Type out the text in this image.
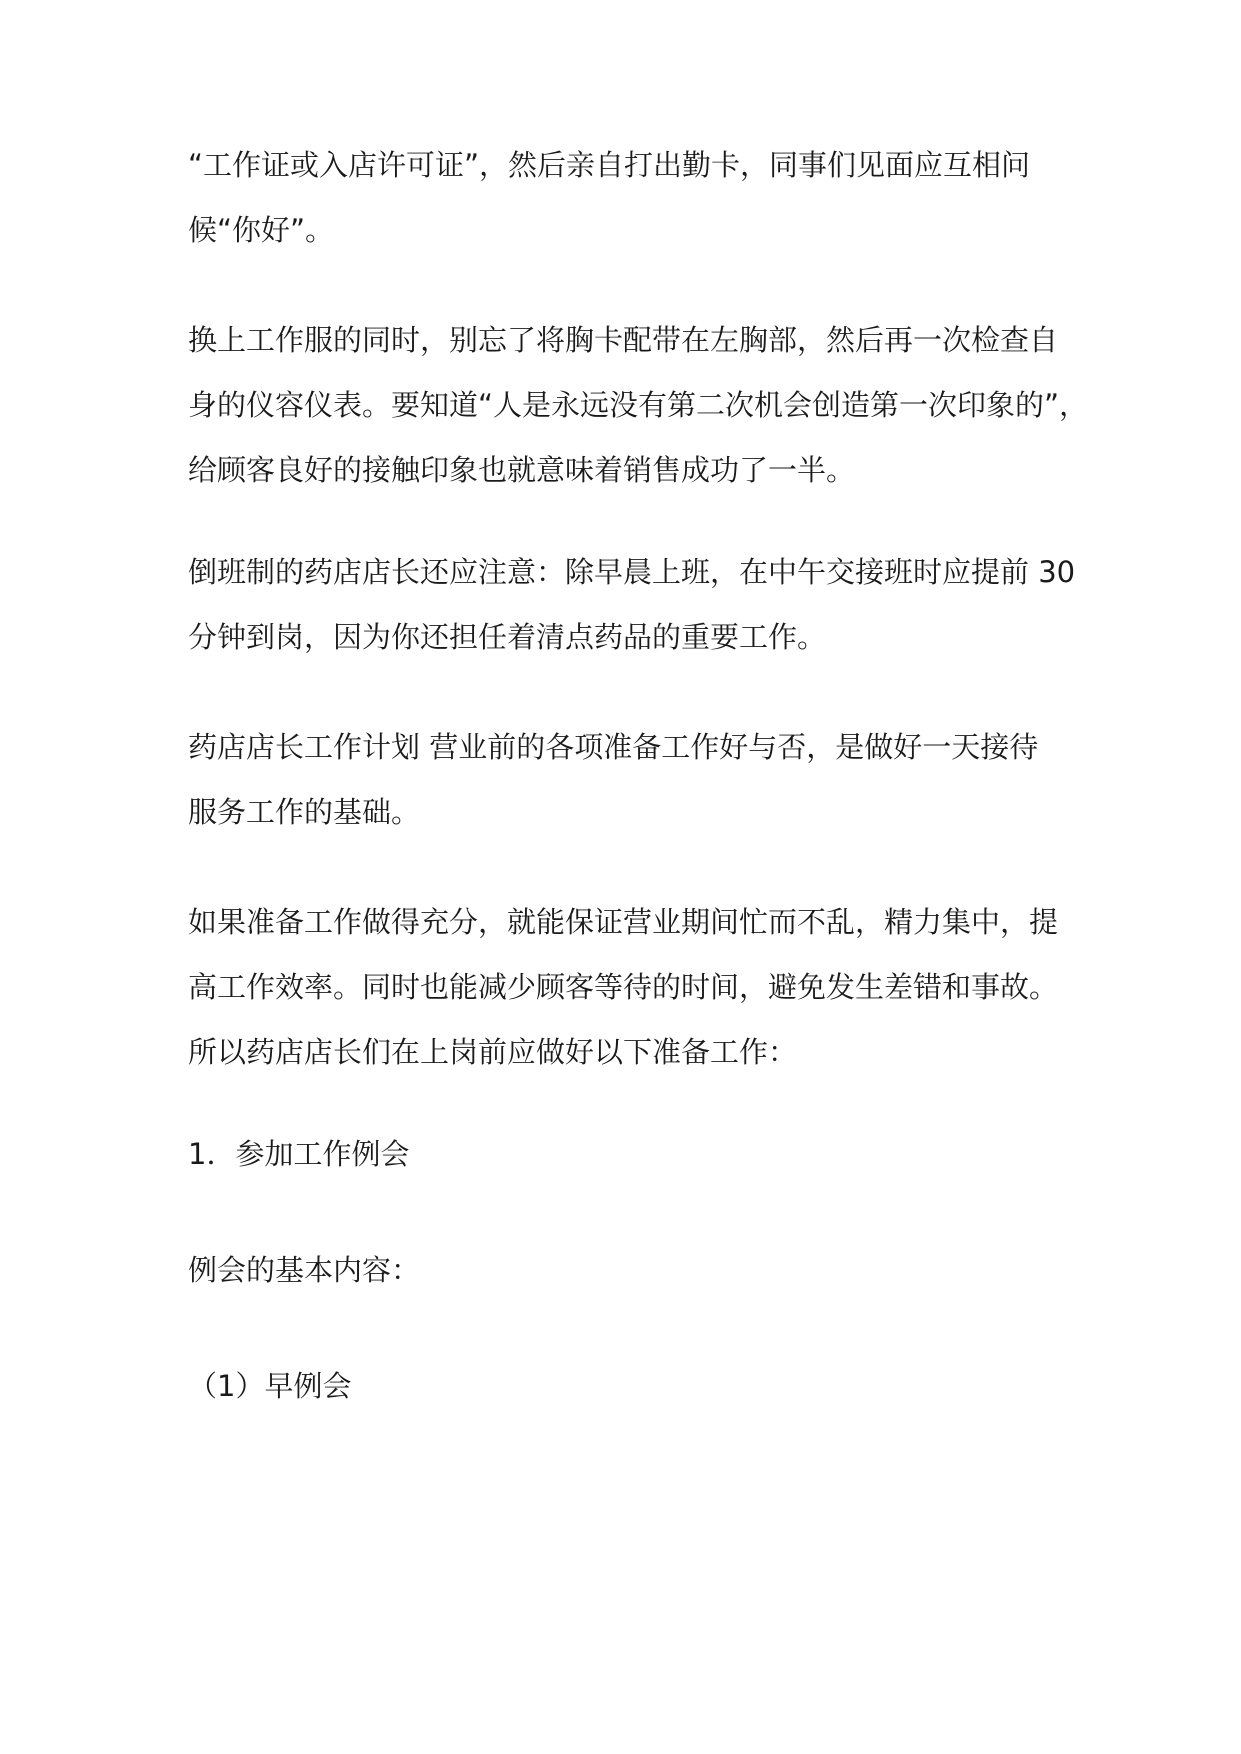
“工作证或入店许可证”，然后亲自打出勤卡，同事们见面应互相问
候“你好”。

换上工作服的同时，别忘了将胸卡配带在左胸部，然后再一次检查自
身的仪容仪表。要知道“人是永远没有第二次机会创造第一次印象的”，
给顾客良好的接触印象也就意味着销售成功了一半。

倒班制的药店店长还应注意：除早晨上班，在中午交接班时应提前 30
分钟到岗，因为你还担任着清点药品的重要工作。

药店店长工作计划 营业前的各项准备工作好与否，是做好一天接待
服务工作的基础。

如果准备工作做得充分，就能保证营业期间忙而不乱，精力集中，提
高工作效率。同时也能减少顾客等待的时间，避免发生差错和事故。
所以药店店长们在上岗前应做好以下准备工作：

1．参加工作例会

例会的基本内容：

（1）早例会
